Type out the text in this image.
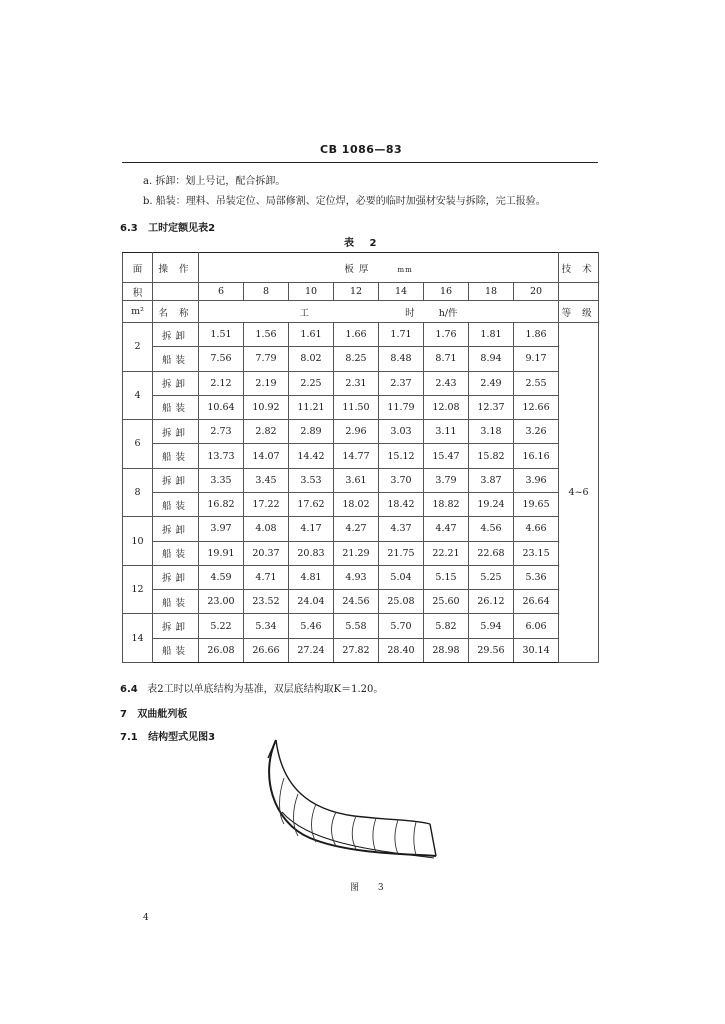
CB 1086—83
a. 拆卸：划上号记，配合拆卸。
b. 船装：理料、吊装定位、局部修割、定位焊，必要的临时加强材安装与拆除，完工报验。
6.3 工时定额见表2
表 2
面	操 作	板 厚 mm								技 术
积		6	8	10	12	14	16	18	20	
m²	名 称	工 时 h/件								等 级
2	拆卸	1.51	1.56	1.61	1.66	1.71	1.76	1.81	1.86	4~6
	船装	7.56	7.79	8.02	8.25	8.48	8.71	8.94	9.17	
4	拆卸	2.12	2.19	2.25	2.31	2.37	2.43	2.49	2.55	
	船装	10.64	10.92	11.21	11.50	11.79	12.08	12.37	12.66	
6	拆卸	2.73	2.82	2.89	2.96	3.03	3.11	3.18	3.26	
	船装	13.73	14.07	14.42	14.77	15.12	15.47	15.82	16.16	
8	拆卸	3.35	3.45	3.53	3.61	3.70	3.79	3.87	3.96	
	船装	16.82	17.22	17.62	18.02	18.42	18.82	19.24	19.65	
10	拆卸	3.97	4.08	4.17	4.27	4.37	4.47	4.56	4.66	
	船装	19.91	20.37	20.83	21.29	21.75	22.21	22.68	23.15	
12	拆卸	4.59	4.71	4.81	4.93	5.04	5.15	5.25	5.36	
	船装	23.00	23.52	24.04	24.56	25.08	25.60	26.12	26.64	
14	拆卸	5.22	5.34	5.46	5.58	5.70	5.82	5.94	6.06	
	船装	26.08	26.66	27.24	27.82	28.40	28.98	29.56	30.14	
6.4 表2工时以单底结构为基准，双层底结构取K＝1.20。
7 双曲舭列板
7.1 结构型式见图3
图 3
4
